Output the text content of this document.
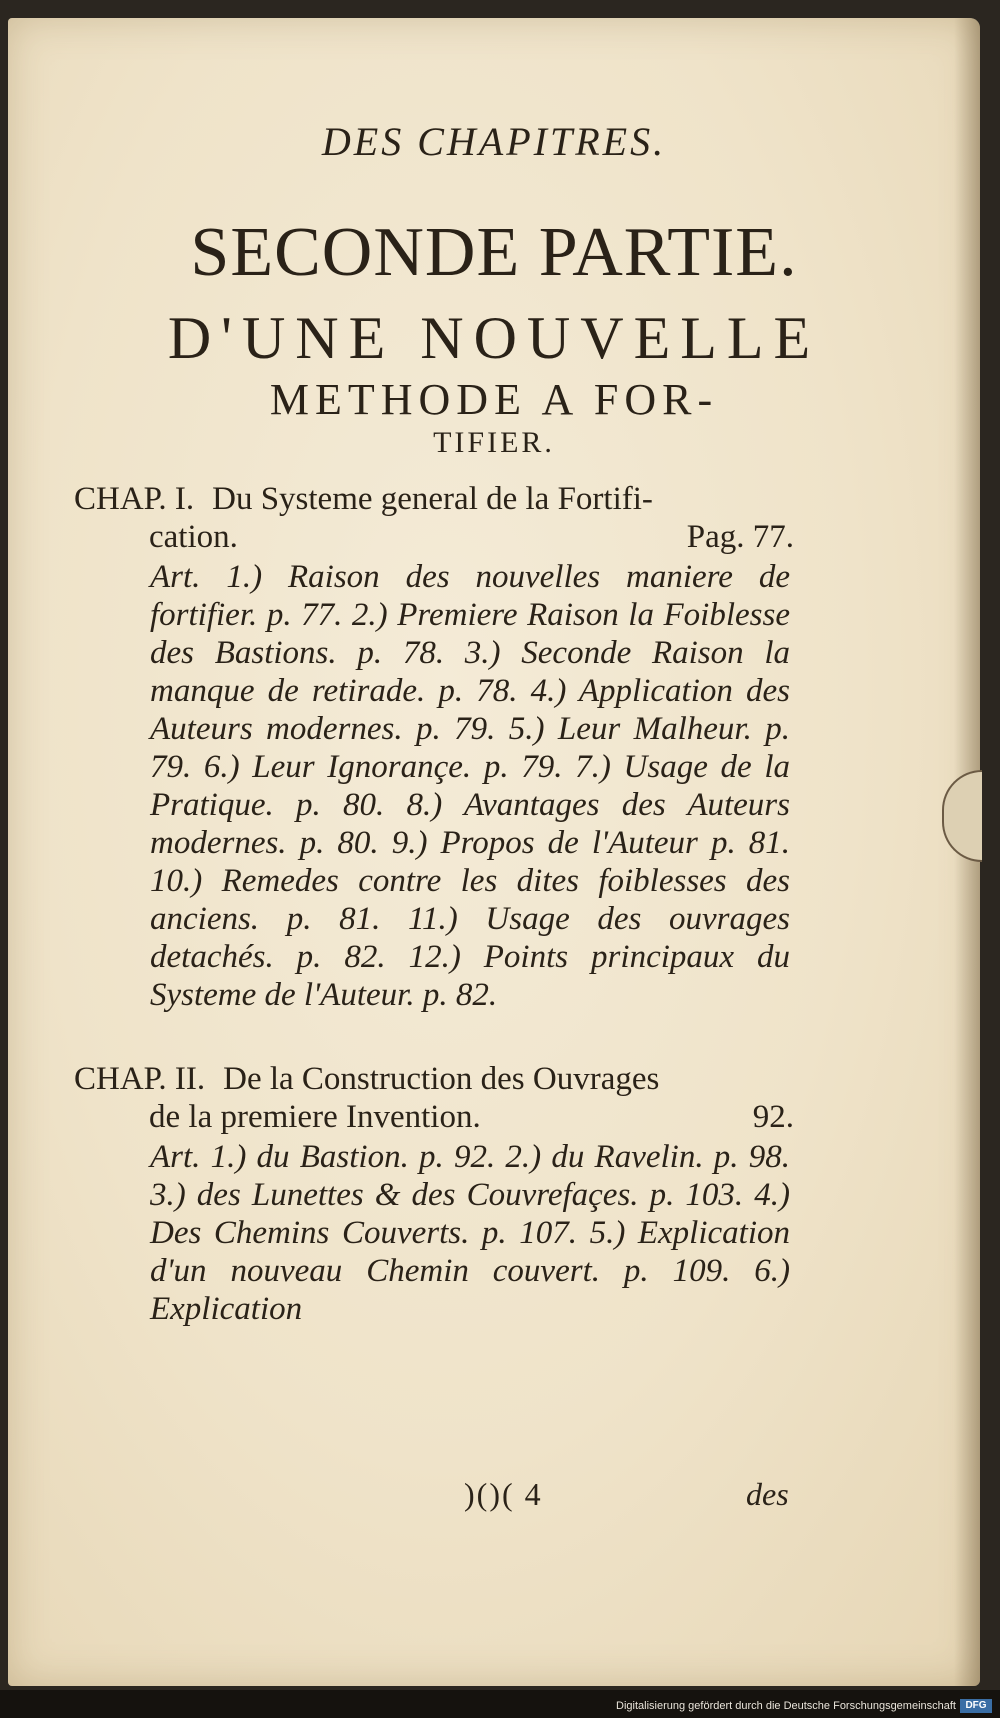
DES CHAPITRES.
SECONDE PARTIE.
D'UNE NOUVELLE
METHODE A FOR-
TIFIER.
CHAP. I. Du Systeme general de la Fortifi-
cation.	Pag. 77.
Art. 1.) Raison des nouvelles maniere de fortifier. p. 77. 2.) Premiere Raison la Foiblesse des Bastions. p. 78. 3.) Seconde Raison la manque de retirade. p. 78. 4.) Application des Auteurs modernes. p. 79. 5.) Leur Malheur. p. 79. 6.) Leur Ignorançe. p. 79. 7.) Usage de la Pratique. p. 80. 8.) Avantages des Auteurs modernes. p. 80. 9.) Propos de l'Auteur p. 81. 10.) Remedes contre les dites foiblesses des anciens. p. 81. 11.) Usage des ouvrages detachés. p. 82. 12.) Points principaux du Systeme de l'Auteur. p. 82.
CHAP. II. De la Construction des Ouvrages
de la premiere Invention.	92.
Art. 1.) du Bastion. p. 92. 2.) du Ravelin. p. 98. 3.) des Lunettes & des Couvrefaçes. p. 103. 4.) Des Chemins Couverts. p. 107. 5.) Explication d'un nouveau Chemin couvert. p. 109. 6.) Explication
)()( 4	des
Digitalisierung gefördert durch die Deutsche Forschungsgemeinschaft DFG
